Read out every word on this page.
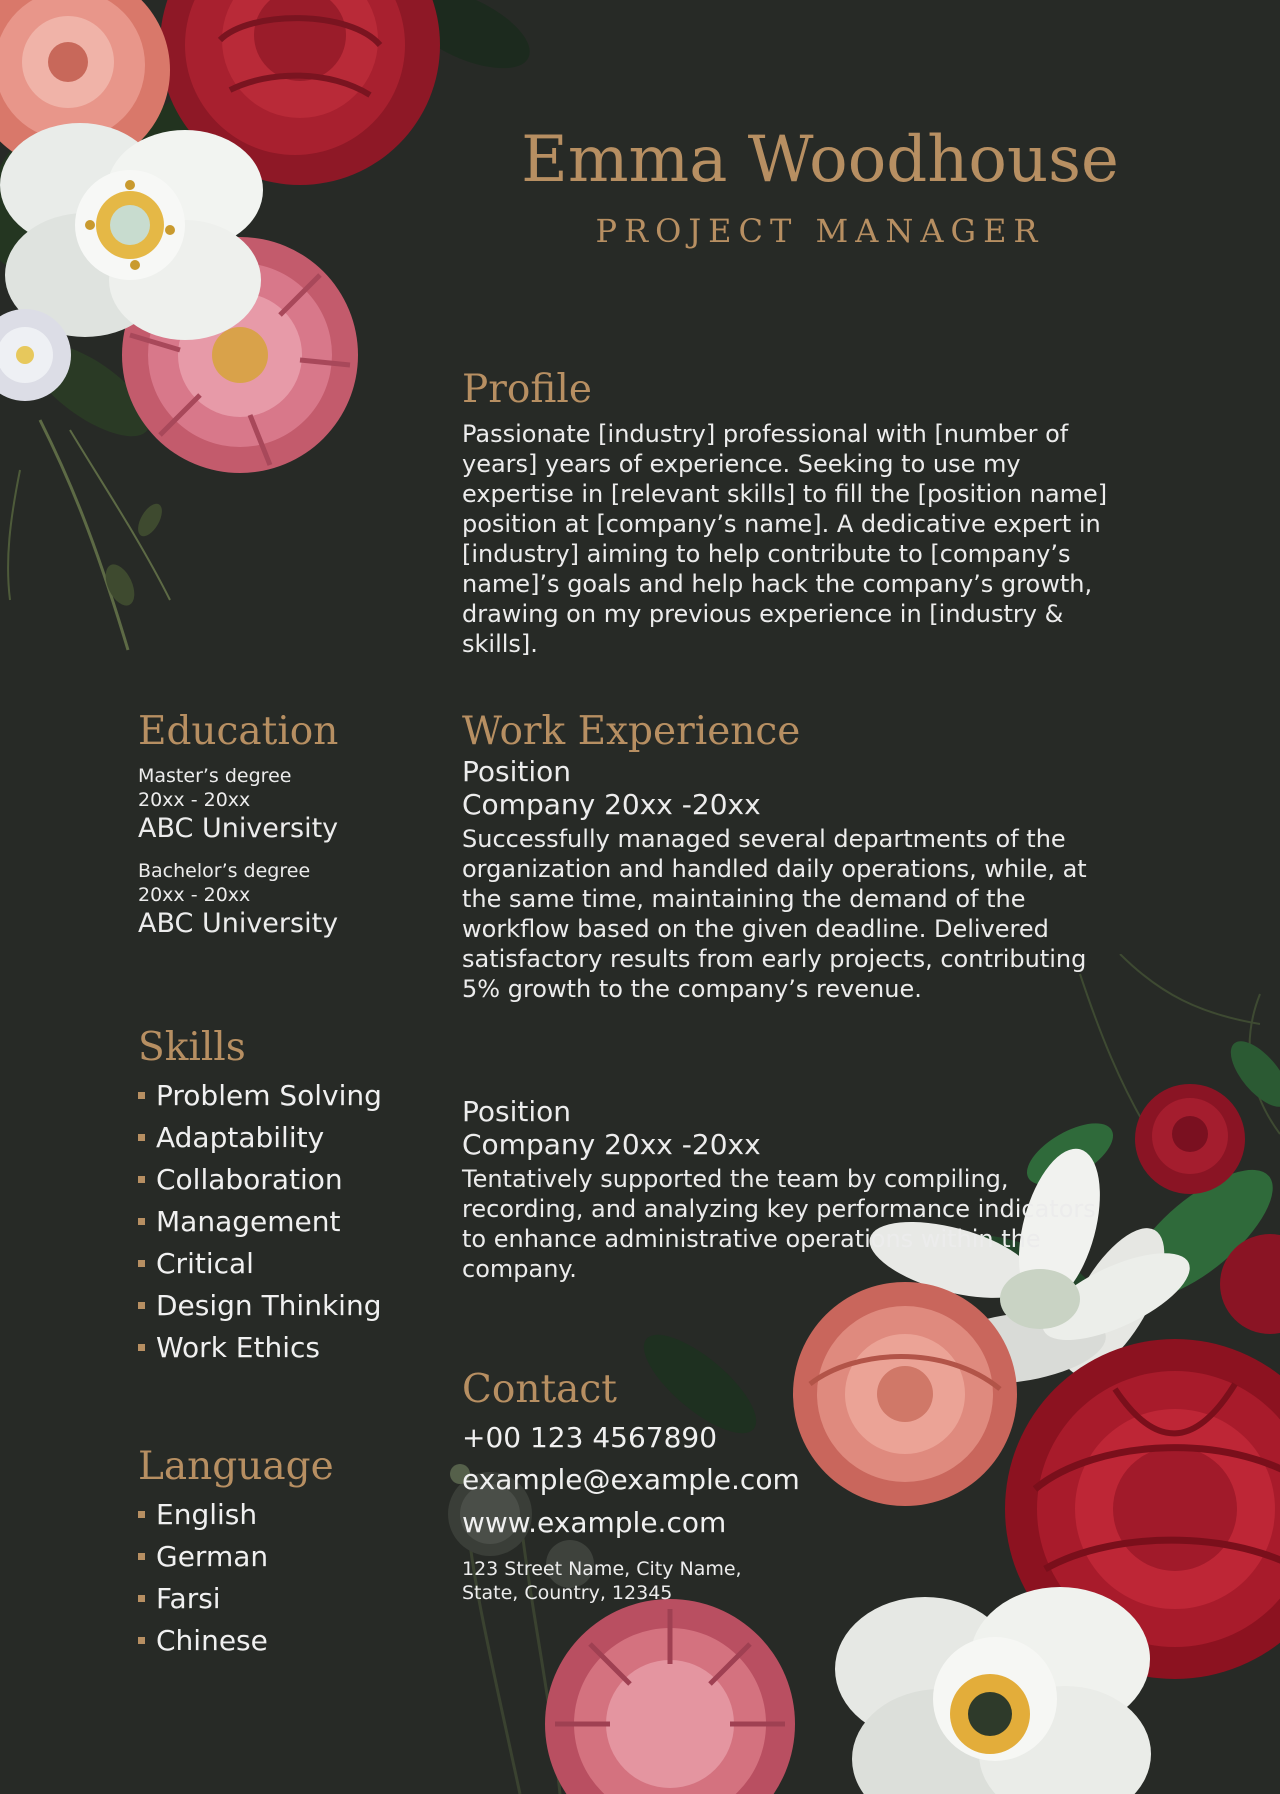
Emma Woodhouse
PROJECT MANAGER
Profile
Passionate [industry] professional with [number of years] years of experience. Seeking to use my expertise in [relevant skills] to fill the [position name] position at [company’s name]. A dedicative expert in [industry] aiming to help contribute to [company’s name]’s goals and help hack the company’s growth, drawing on my previous experience in [industry & skills].
Education
Master’s degree
20xx - 20xx
ABC University
Bachelor’s degree
20xx - 20xx
ABC University
Work Experience
Position
Company 20xx -20xx
Successfully managed several departments of the organization and handled daily operations, while, at the same time, maintaining the demand of the workflow based on the given deadline. Delivered satisfactory results from early projects, contributing 5% growth to the company’s revenue.
Position
Company 20xx -20xx
Tentatively supported the team by compiling, recording, and analyzing key performance indicators to enhance administrative operations within the company.
Skills
Problem Solving
Adaptability
Collaboration
Management
Critical
Design Thinking
Work Ethics
Language
English
German
Farsi
Chinese
Contact
+00 123 4567890
example@example.com
www.example.com
123 Street Name, City Name,
State, Country, 12345
